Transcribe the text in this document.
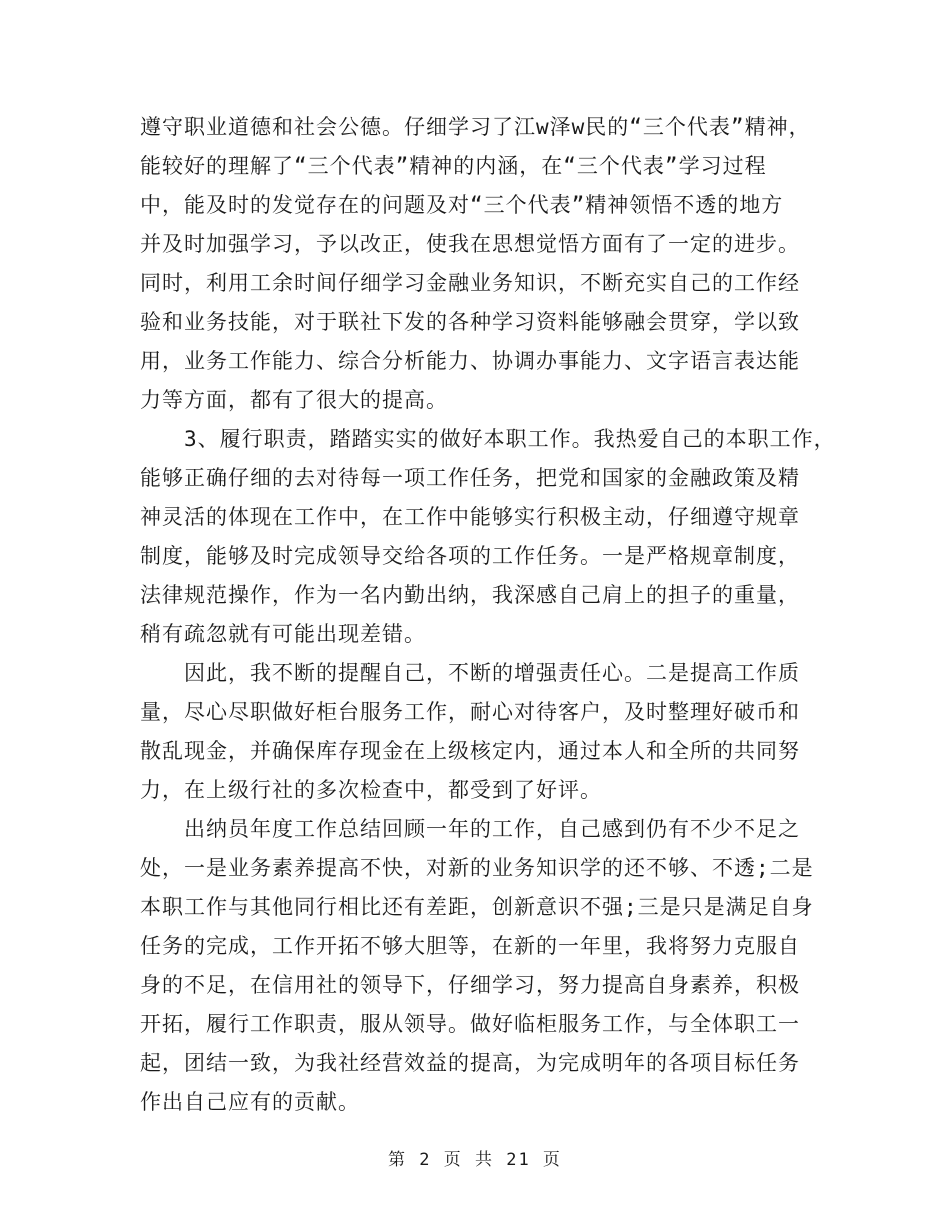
遵守职业道德和社会公德。仔细学习了江w泽w民的“三个代表”精神，
能较好的理解了“三个代表”精神的内涵，在“三个代表”学习过程
中，能及时的发觉存在的问题及对“三个代表”精神领悟不透的地方
并及时加强学习，予以改正，使我在思想觉悟方面有了一定的进步。
同时，利用工余时间仔细学习金融业务知识，不断充实自己的工作经
验和业务技能，对于联社下发的各种学习资料能够融会贯穿，学以致
用，业务工作能力、综合分析能力、协调办事能力、文字语言表达能
力等方面，都有了很大的提高。
　　3、履行职责，踏踏实实的做好本职工作。我热爱自己的本职工作，
能够正确仔细的去对待每一项工作任务，把党和国家的金融政策及精
神灵活的体现在工作中，在工作中能够实行积极主动，仔细遵守规章
制度，能够及时完成领导交给各项的工作任务。一是严格规章制度，
法律规范操作，作为一名内勤出纳，我深感自己肩上的担子的重量，
稍有疏忽就有可能出现差错。
　　因此，我不断的提醒自己，不断的增强责任心。二是提高工作质
量，尽心尽职做好柜台服务工作，耐心对待客户，及时整理好破币和
散乱现金，并确保库存现金在上级核定内，通过本人和全所的共同努
力，在上级行社的多次检查中，都受到了好评。
　　出纳员年度工作总结回顾一年的工作，自己感到仍有不少不足之
处，一是业务素养提高不快，对新的业务知识学的还不够、不透;二是
本职工作与其他同行相比还有差距，创新意识不强;三是只是满足自身
任务的完成，工作开拓不够大胆等，在新的一年里，我将努力克服自
身的不足，在信用社的领导下，仔细学习，努力提高自身素养，积极
开拓，履行工作职责，服从领导。做好临柜服务工作，与全体职工一
起，团结一致，为我社经营效益的提高，为完成明年的各项目标任务
作出自己应有的贡献。
第 2 页 共 21 页
